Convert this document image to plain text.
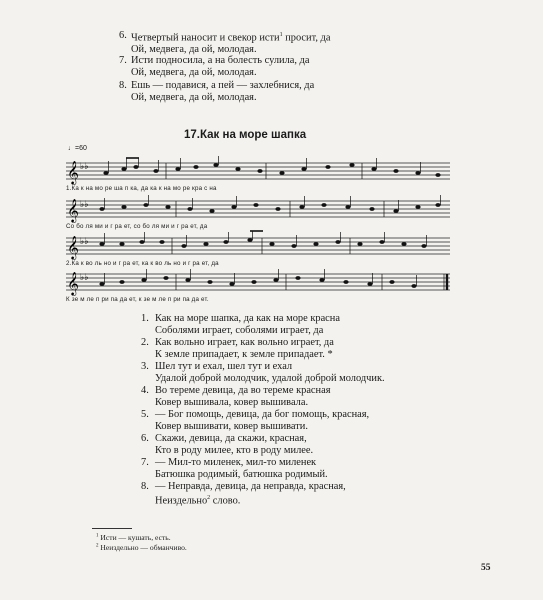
6. Четвертый наносит и свекор исти$^1$ просит, да
Ой, медвега, да ой, молодая.
7. Исти подносила, а на болесть сулила, да
Ой, медвега, да ой, молодая.
8. Ешь — подавися, а пей — захлебнися, да
Ой, медвега, да ой, молодая.
17.Как на море шапка
𝄞 ♭♭
1.Ка к на мо ре ша п ка, да ка к на мо ре кра с на
♩=60
𝄞 ♭♭
Со бо ля ми и г ра ет, со бо ля ми и г ра ет, да
𝄞 ♭♭
2.Ка к во ль но и г ра ет, ка к во ль но и г ра ет, да
𝄞 ♭♭
К зе м ле п ри па да ет, к зе м ле п ри па да ет.
1. Как на море шапка, да как на море красна
Соболями играет, соболями играет, да
2. Как вольно играет, как вольно играет, да
К земле припадает, к земле припадает. *
3. Шел тут и ехал, шел тут и ехал
Удалой доброй молодчик, удалой доброй молодчик.
4. Во тереме девица, да во тереме красная
Ковер вышивала, ковер вышивала.
5. — Бог помощь, девица, да бог помощь, красная,
Ковер вышивати, ковер вышивати.
6. Скажи, девица, да скажи, красная,
Кто в роду милее, кто в роду милее.
7. — Мил-то миленек, мил-то миленек
Батюшка родимый, батюшка родимый.
8. — Неправда, девица, да неправда, красная,
Неиздельно$^2$ слово.
$^1$ Исти — кушать, есть.
$^2$ Неиздельно — обманчиво.
55
